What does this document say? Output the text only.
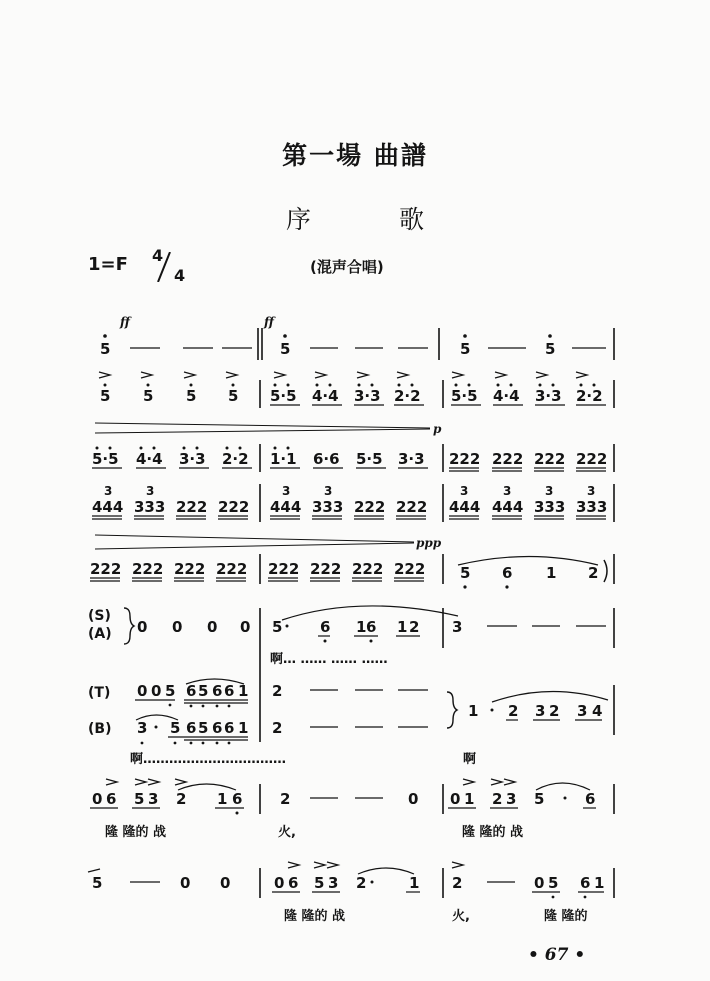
第一場 曲譜
序 歌
1=F 4
4	(混声合唱)
ff	ff
5	5	5	5
5 5 5 5 5·5 4·4 3·3 2·2 5·5 4·4 3·3 2·2
p
5·5 4·4 3·3 2·2 1·1 6·6 5·5 3·3 222 222 222 222
3	3	3	3	3	3	3	3
444 333 222 222 444 333 222 222 444 444 333 333
ppp
222 222 222 222 222 222 222 222 5 6 1 2
(S)
(A) 0 0 0 0 5	6 1 6 1 2 3
啊… …… …… ……
(T)
(B)
0 0 5 6 5 6 6 1 2
3 5 6 5 6 6 1 2
1 2 3 2 3 4
啊……………………………	啊
0 6 5 3 2 1 6	2	0 0 1 2 3 5	6
隆 隆的 战	火,	隆 隆的 战
5	0 0	0 6 5 3 2	1 2	0 5 6 1
隆 隆的 战	火,	隆 隆的
• 67 •
